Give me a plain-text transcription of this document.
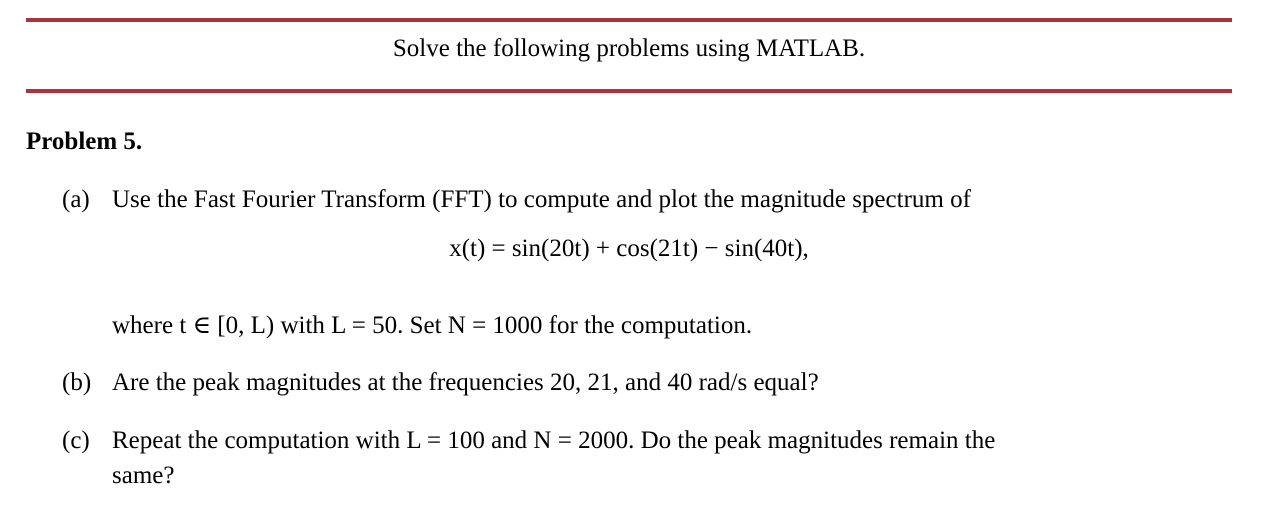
Solve the following problems using MATLAB.
Problem 5.
(a) Use the Fast Fourier Transform (FFT) to compute and plot the magnitude spectrum of
x(t) = sin(20t) + cos(21t) − sin(40t),
where t ∈ [0, L) with L = 50. Set N = 1000 for the computation.
(b) Are the peak magnitudes at the frequencies 20, 21, and 40 rad/s equal?
(c) Repeat the computation with L = 100 and N = 2000. Do the peak magnitudes remain the
same?
